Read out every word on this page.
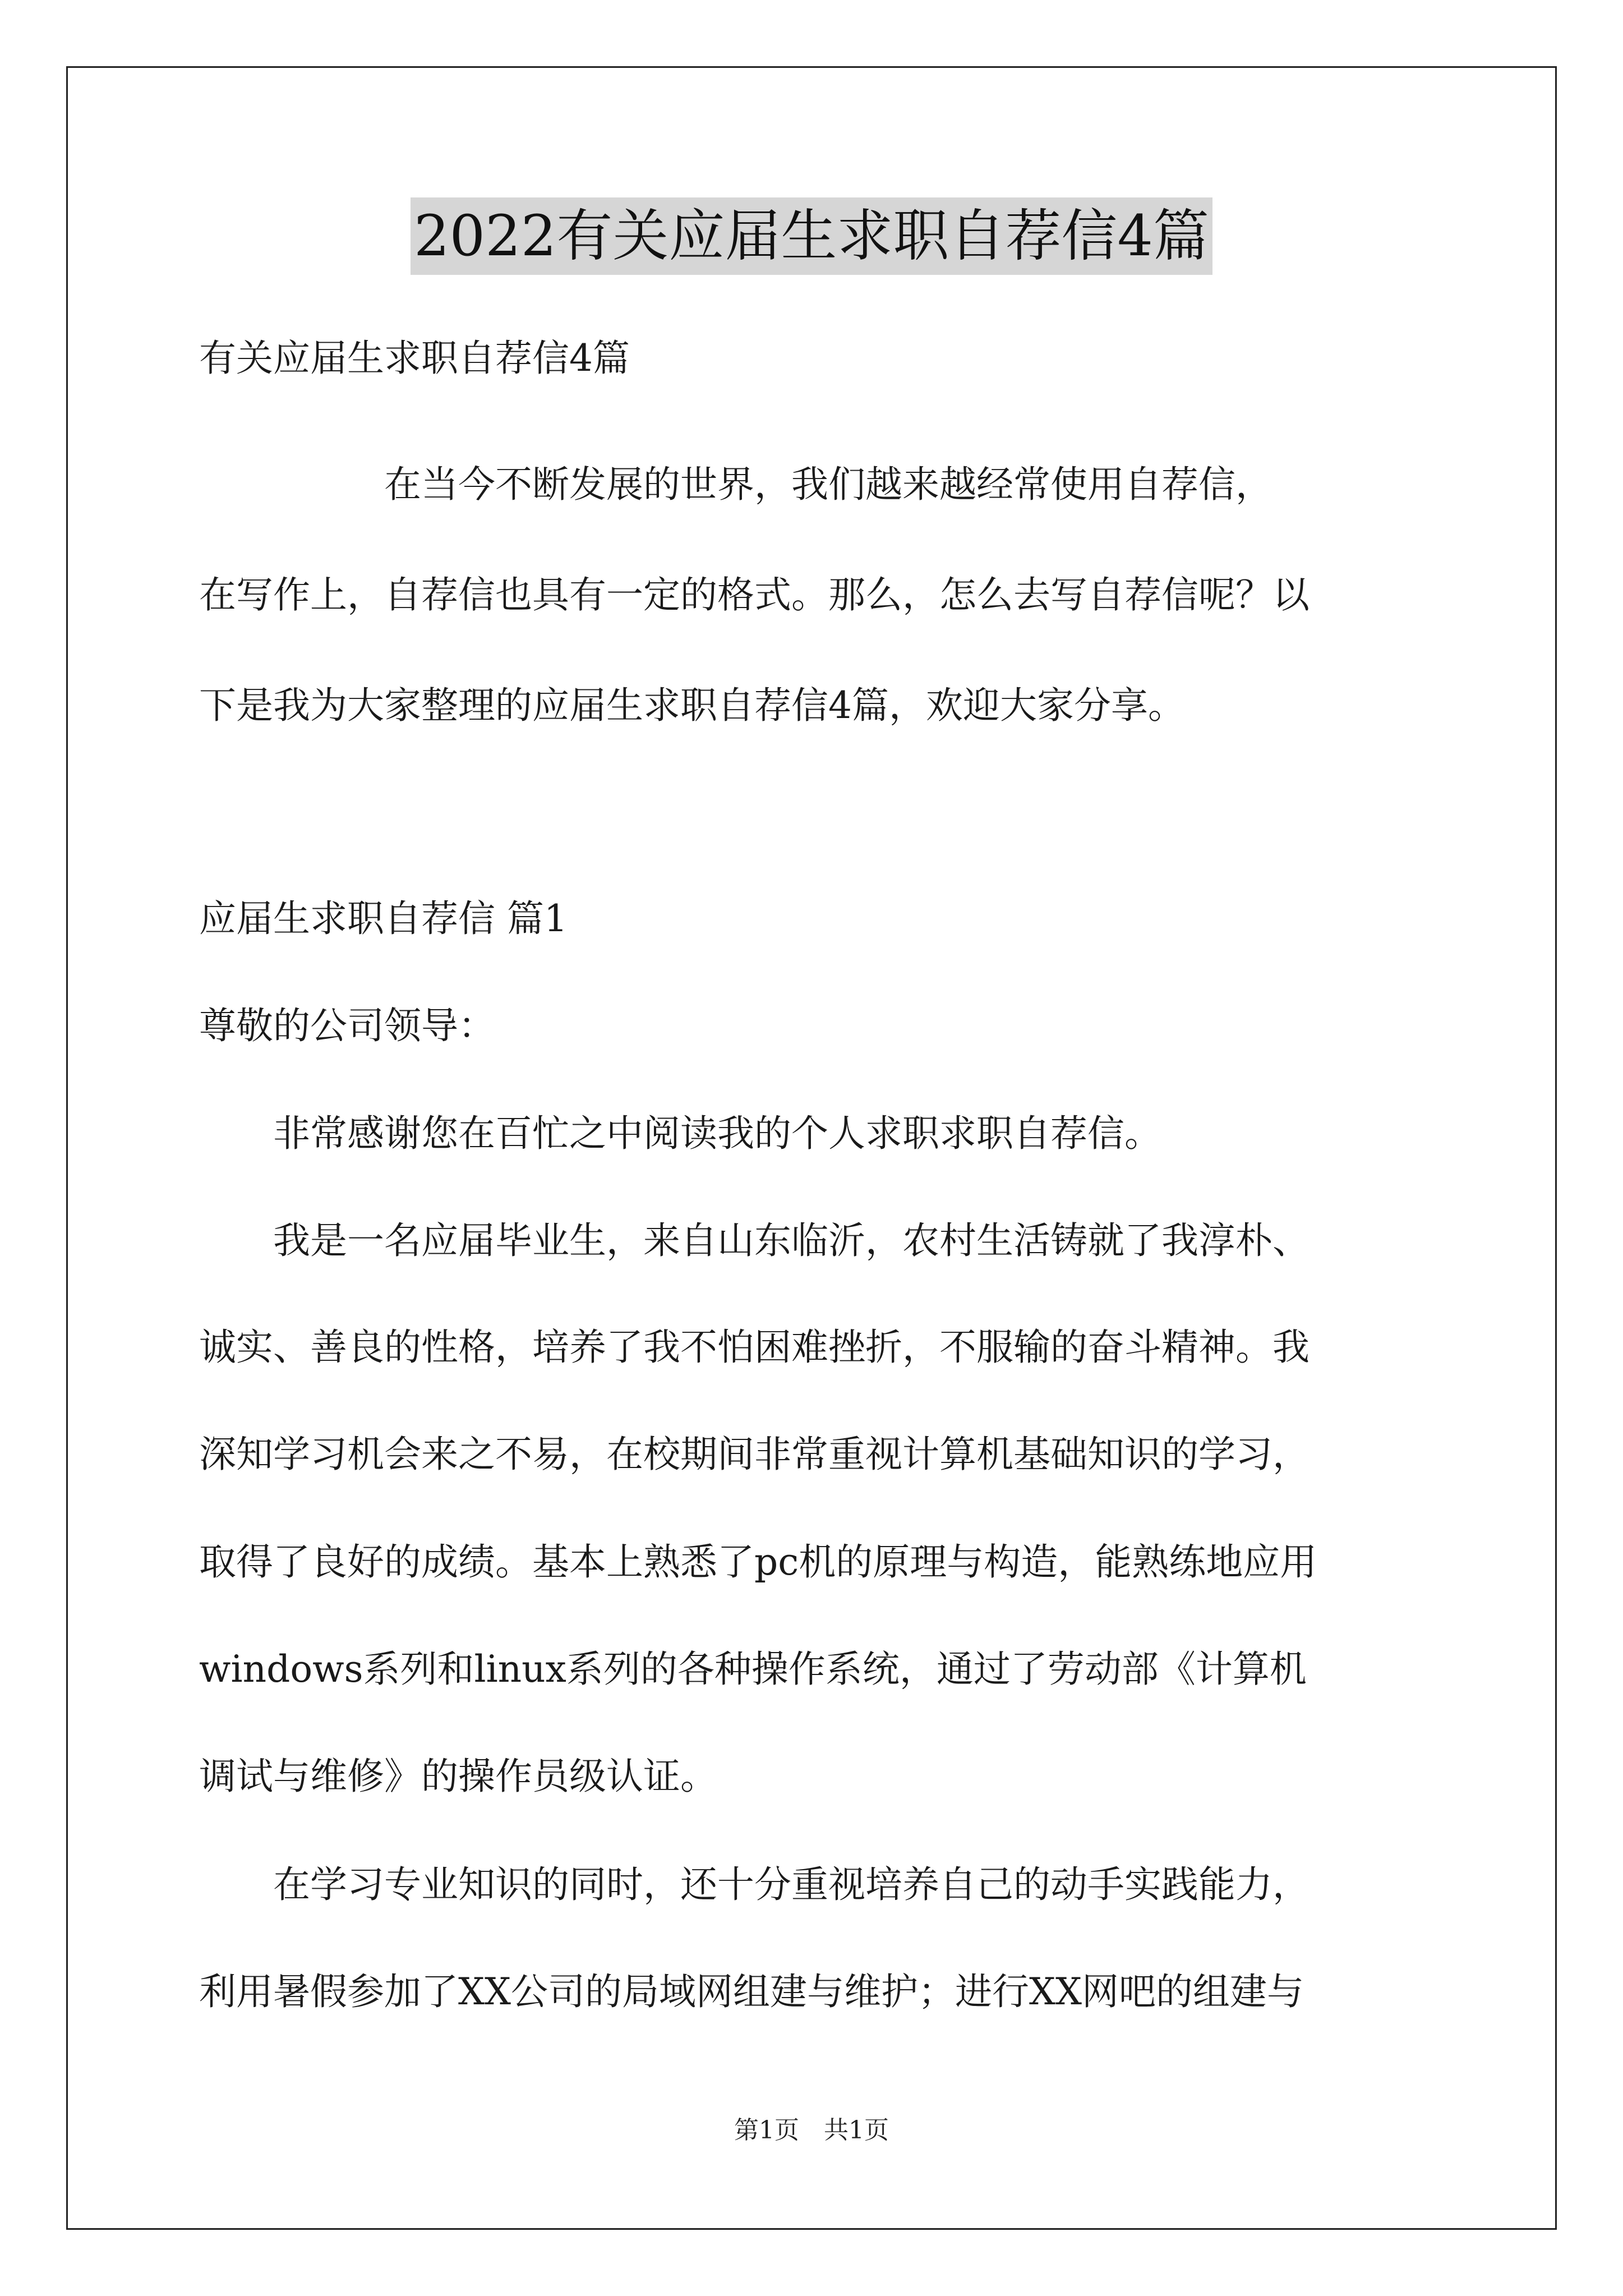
2022有关应届生求职自荐信4篇
有关应届生求职自荐信4篇
　　　　　在当今不断发展的世界，我们越来越经常使用自荐信，
在写作上，自荐信也具有一定的格式。那么，怎么去写自荐信呢？以
下是我为大家整理的应届生求职自荐信4篇，欢迎大家分享。
应届生求职自荐信 篇1
尊敬的公司领导：
　　非常感谢您在百忙之中阅读我的个人求职求职自荐信。
　　我是一名应届毕业生，来自山东临沂，农村生活铸就了我淳朴、
诚实、善良的性格，培养了我不怕困难挫折，不服输的奋斗精神。我
深知学习机会来之不易，在校期间非常重视计算机基础知识的学习，
取得了良好的成绩。基本上熟悉了pc机的原理与构造，能熟练地应用
windows系列和linux系列的各种操作系统，通过了劳动部《计算机
调试与维修》的操作员级认证。
　　在学习专业知识的同时，还十分重视培养自己的动手实践能力，
利用暑假参加了XX公司的局域网组建与维护；进行XX网吧的组建与
第1页　共1页
